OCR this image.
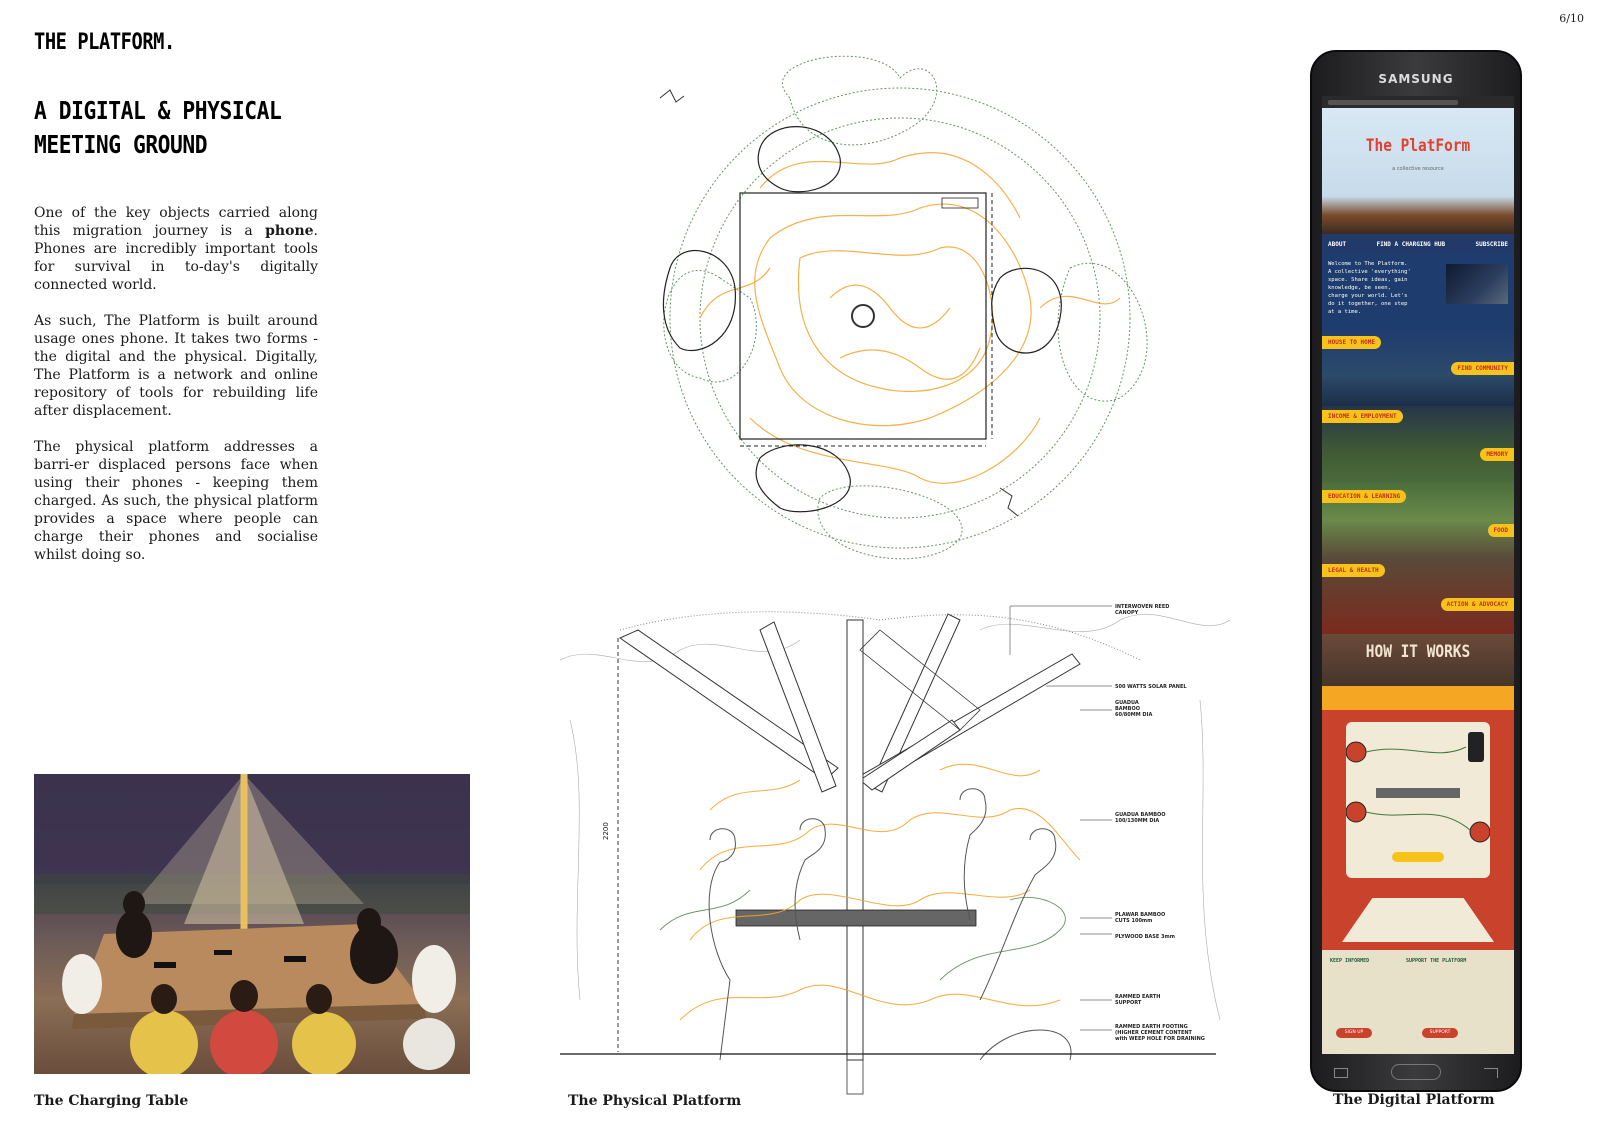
6/10
THE PLATFORM.
A DIGITAL & PHYSICAL
MEETING GROUND

One of the key objects carried along this migration journey is a phone. Phones are incredibly important tools for survival in to-day's digitally connected world.

As such, The Platform is built around usage ones phone. It takes two forms - the digital and the physical. Digitally, The Platform is a network and online repository of tools for rebuilding life after displacement.

The physical platform addresses a barri-er displaced persons face when using their phones - keeping them charged. As such, the physical platform provides a space where people can charge their phones and socialise whilst doing so.

The Charging Table
2200
INTERWOVEN REED CANOPY
500 WATTS SOLAR PANEL
GUADUA BAMBOO 60/80MM DIA
GUADUA BAMBOO 100/130MM DIA
PLAWAR BAMBOO CUTS 100mm
PLYWOOD BASE 3mm
RAMMED EARTH SUPPORT
RAMMED EARTH FOOTING (HIGHER CEMENT CONTENT with WEEP HOLE FOR DRAINING
The Physical Platform
SAMSUNG
The PlatForm
a collective resource
ABOUT	FIND A CHARGING HUB	SUBSCRIBE
Welcome to The Platform. A collective 'everything' space. Share ideas, gain knowledge, be seen, charge your world. Let's do it together, one step at a time.
HOUSE TO HOME
FIND COMMUNITY
INCOME & EMPLOYMENT
MEMORY
EDUCATION & LEARNING
FOOD
LEGAL & HEALTH
ACTION & ADVOCACY
HOW IT WORKS
KEEP INFORMED	SUPPORT THE PLATFORM
SIGN UP	SUPPORT
The Digital Platform
